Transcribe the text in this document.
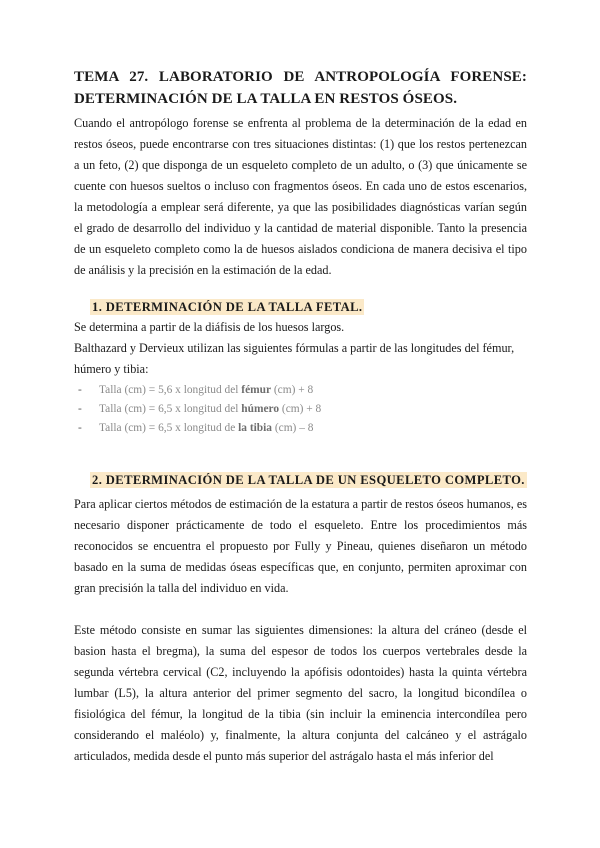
TEMA 27. LABORATORIO DE ANTROPOLOGÍA FORENSE:
DETERMINACIÓN DE LA TALLA EN RESTOS ÓSEOS.

Cuando el antropólogo forense se enfrenta al problema de la determinación de la edad en restos óseos, puede encontrarse con tres situaciones distintas: (1) que los restos pertenezcan a un feto, (2) que disponga de un esqueleto completo de un adulto, o (3) que únicamente se cuente con huesos sueltos o incluso con fragmentos óseos. En cada uno de estos escenarios, la metodología a emplear será diferente, ya que las posibilidades diagnósticas varían según el grado de desarrollo del individuo y la cantidad de material disponible. Tanto la presencia de un esqueleto completo como la de huesos aislados condiciona de manera decisiva el tipo de análisis y la precisión en la estimación de la edad.

1. DETERMINACIÓN DE LA TALLA FETAL.

Se determina a partir de la diáfisis de los huesos largos.

Balthazard y Dervieux utilizan las siguientes fórmulas a partir de las longitudes del fémur, húmero y tibia:

- Talla (cm) = 5,6 x longitud del fémur (cm) + 8
- Talla (cm) = 6,5 x longitud del húmero (cm) + 8
- Talla (cm) = 6,5 x longitud de la tibia (cm) – 8
2. DETERMINACIÓN DE LA TALLA DE UN ESQUELETO COMPLETO.

Para aplicar ciertos métodos de estimación de la estatura a partir de restos óseos humanos, es necesario disponer prácticamente de todo el esqueleto. Entre los procedimientos más reconocidos se encuentra el propuesto por Fully y Pineau, quienes diseñaron un método basado en la suma de medidas óseas específicas que, en conjunto, permiten aproximar con gran precisión la talla del individuo en vida.

Este método consiste en sumar las siguientes dimensiones: la altura del cráneo (desde el basion hasta el bregma), la suma del espesor de todos los cuerpos vertebrales desde la segunda vértebra cervical (C2, incluyendo la apófisis odontoides) hasta la quinta vértebra lumbar (L5), la altura anterior del primer segmento del sacro, la longitud bicondílea o fisiológica del fémur, la longitud de la tibia (sin incluir la eminencia intercondílea pero considerando el maléolo) y, finalmente, la altura conjunta del calcáneo y el astrágalo articulados, medida desde el punto más superior del astrágalo hasta el más inferior del
